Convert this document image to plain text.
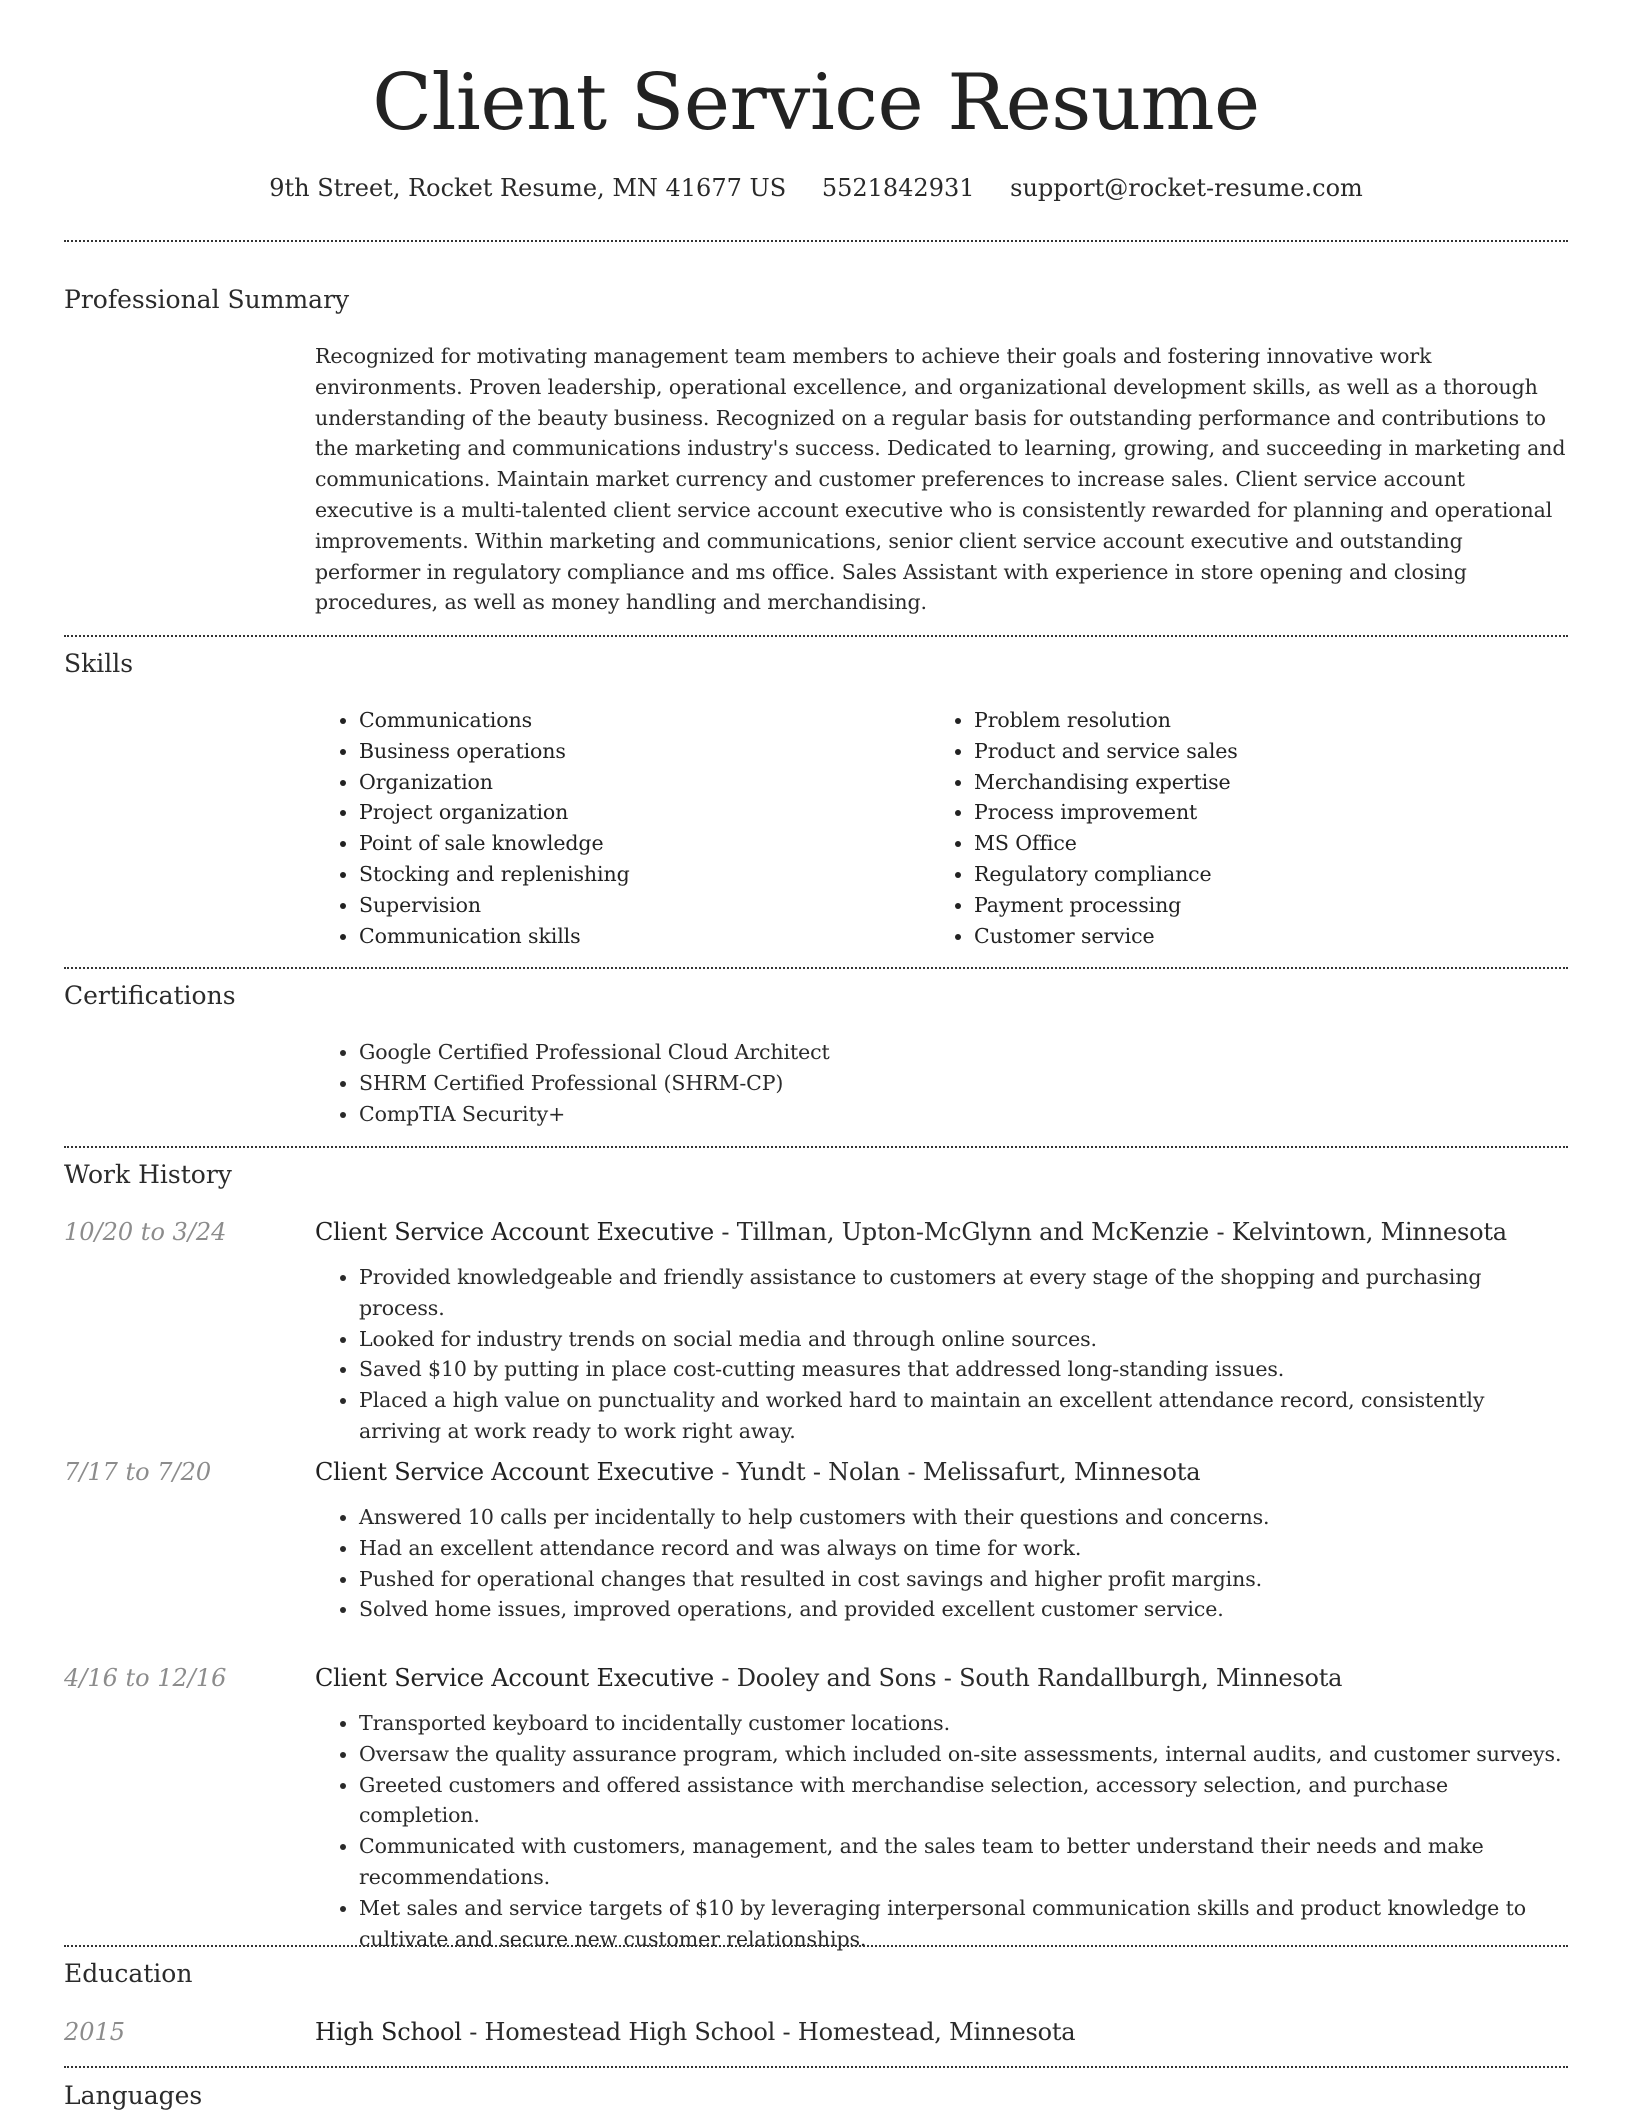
Client Service Resume
9th Street, Rocket Resume, MN 41677 US 5521842931 support@rocket-resume.com
Professional Summary

Recognized for motivating management team members to achieve their goals and fostering innovative work environments. Proven leadership, operational excellence, and organizational development skills, as well as a thorough understanding of the beauty business. Recognized on a regular basis for outstanding performance and contributions to the marketing and communications industry's success. Dedicated to learning, growing, and succeeding in marketing and communications. Maintain market currency and customer preferences to increase sales. Client service account executive is a multi-talented client service account executive who is consistently rewarded for planning and operational improvements. Within marketing and communications, senior client service account executive and outstanding performer in regulatory compliance and ms office. Sales Assistant with experience in store opening and closing procedures, as well as money handling and merchandising.

Skills
• Communications
• Business operations
• Organization
• Project organization
• Point of sale knowledge
• Stocking and replenishing
• Supervision
• Communication skills
• Problem resolution
• Product and service sales
• Merchandising expertise
• Process improvement
• MS Office
• Regulatory compliance
• Payment processing
• Customer service
Certifications
• Google Certified Professional Cloud Architect
• SHRM Certified Professional (SHRM-CP)
• CompTIA Security+
Work History
10/20 to 3/24	Client Service Account Executive - Tillman, Upton-McGlynn and McKenzie - Kelvintown, Minnesota
• Provided knowledgeable and friendly assistance to customers at every stage of the shopping and purchasing process.
• Looked for industry trends on social media and through online sources.
• Saved $10 by putting in place cost-cutting measures that addressed long-standing issues.
• Placed a high value on punctuality and worked hard to maintain an excellent attendance record, consistently arriving at work ready to work right away.
7/17 to 7/20	Client Service Account Executive - Yundt - Nolan - Melissafurt, Minnesota
• Answered 10 calls per incidentally to help customers with their questions and concerns.
• Had an excellent attendance record and was always on time for work.
• Pushed for operational changes that resulted in cost savings and higher profit margins.
• Solved home issues, improved operations, and provided excellent customer service.
4/16 to 12/16	Client Service Account Executive - Dooley and Sons - South Randallburgh, Minnesota
• Transported keyboard to incidentally customer locations.
• Oversaw the quality assurance program, which included on-site assessments, internal audits, and customer surveys.
• Greeted customers and offered assistance with merchandise selection, accessory selection, and purchase completion.
• Communicated with customers, management, and the sales team to better understand their needs and make recommendations.
• Met sales and service targets of $10 by leveraging interpersonal communication skills and product knowledge to cultivate and secure new customer relationships.
Education
2015	High School - Homestead High School - Homestead, Minnesota
Languages
